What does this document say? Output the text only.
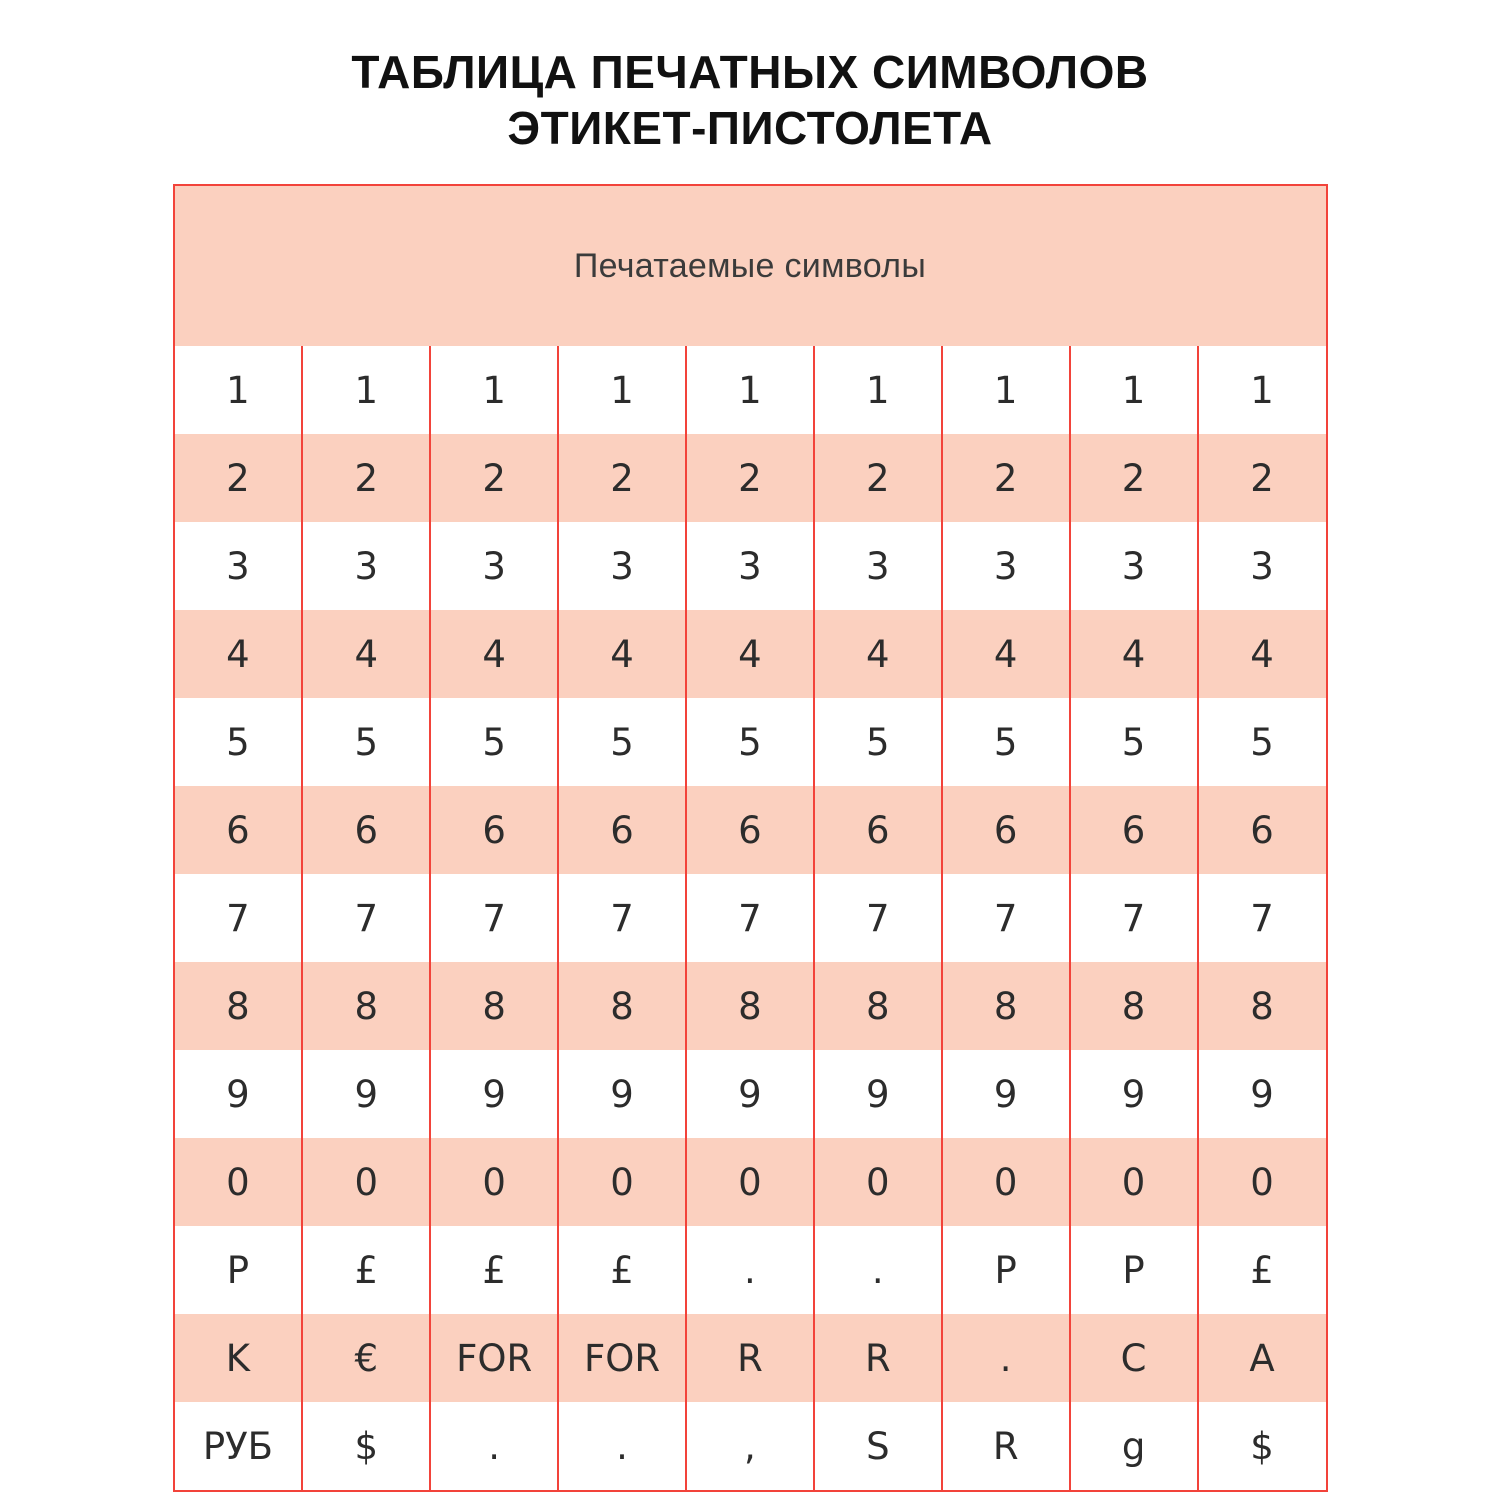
ТАБЛИЦА ПЕЧАТНЫХ СИМВОЛОВ
ЭТИКЕТ-ПИСТОЛЕТА
Печатаемые символы								
1	1	1	1	1	1	1	1	1
2	2	2	2	2	2	2	2	2
3	3	3	3	3	3	3	3	3
4	4	4	4	4	4	4	4	4
5	5	5	5	5	5	5	5	5
6	6	6	6	6	6	6	6	6
7	7	7	7	7	7	7	7	7
8	8	8	8	8	8	8	8	8
9	9	9	9	9	9	9	9	9
0	0	0	0	0	0	0	0	0
P	£	£	£	.	.	P	P	£
K	€	FOR	FOR	R	R	.	C	A
РУБ	$	.	.	,	S	R	g	$
